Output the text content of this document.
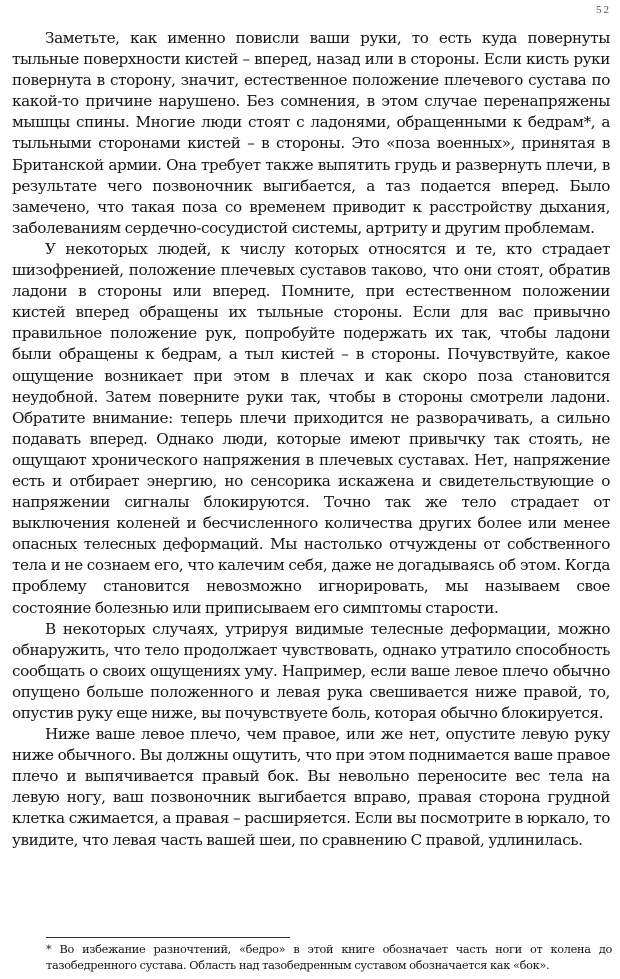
52

Заметьте, как именно повисли ваши руки, то есть куда повернуты тыльные поверхности кистей – вперед, назад или в стороны. Если кисть руки повернута в сторону, значит, естественное положение плечевого сустава по какой-то причине нарушено. Без сомнения, в этом случае перенапряжены мышцы спины. Многие люди стоят с ладонями, обращенными к бедрам*, а тыльными сторонами кистей – в стороны. Это «поза военных», принятая в Британской армии. Она требует также выпятить грудь и развернуть плечи, в результате чего позвоночник выгибается, а таз подается вперед. Было замечено, что такая поза со временем приводит к расстройству дыхания, заболеваниям сердечно-сосудистой системы, артриту и другим проблемам.

У некоторых людей, к числу которых относятся и те, кто страдает шизофренией, положение плечевых суставов таково, что они стоят, обратив ладони в стороны или вперед. Помните, при естественном положении кистей вперед обращены их тыльные стороны. Если для вас привычно правильное положение рук, попробуйте подержать их так, чтобы ладони были обращены к бедрам, а тыл кистей – в стороны. Почувствуйте, какое ощущение возникает при этом в плечах и как скоро поза становится неудобной. Затем поверните руки так, чтобы в стороны смотрели ладони. Обратите внимание: теперь плечи приходится не разворачивать, а сильно подавать вперед. Однако люди, которые имеют привычку так стоять, не ощущают хронического напряжения в плечевых суставах. Нет, напряжение есть и отбирает энергию, но сенсорика искажена и свидетельствующие о напряжении сигналы блокируются. Точно так же тело страдает от выключения коленей и бесчисленного количества других более или менее опасных телесных деформаций. Мы настолько отчуждены от собственного тела и не сознаем его, что калечим себя, даже не догадываясь об этом. Когда проблему становится невозможно игнорировать, мы называем свое состояние болезнью или приписываем его симптомы старости.

В некоторых случаях, утрируя видимые телесные деформации, можно обнаружить, что тело продолжает чувствовать, однако утратило способность сообщать о своих ощущениях уму. Например, если ваше левое плечо обычно опущено больше положенного и левая рука свешивается ниже правой, то, опустив руку еще ниже, вы почувствуете боль, которая обычно блокируется.

Ниже ваше левое плечо, чем правое, или же нет, опустите левую руку ниже обычного. Вы должны ощутить, что при этом поднимается ваше правое плечо и выпячивается правый бок. Вы невольно переносите вес тела на левую ногу, ваш позвоночник выгибается вправо, правая сторона грудной клетка сжимается, а правая – расширяется. Если вы посмотрите в юркало, то увидите, что левая часть вашей шеи, по сравнению С правой, удлинилась.

* Во избежание разночтений, «бедро» в этой книге обозначает часть ноги от колена до тазобедренного сустава. Область над тазобедренным суставом обозначается как «бок».
